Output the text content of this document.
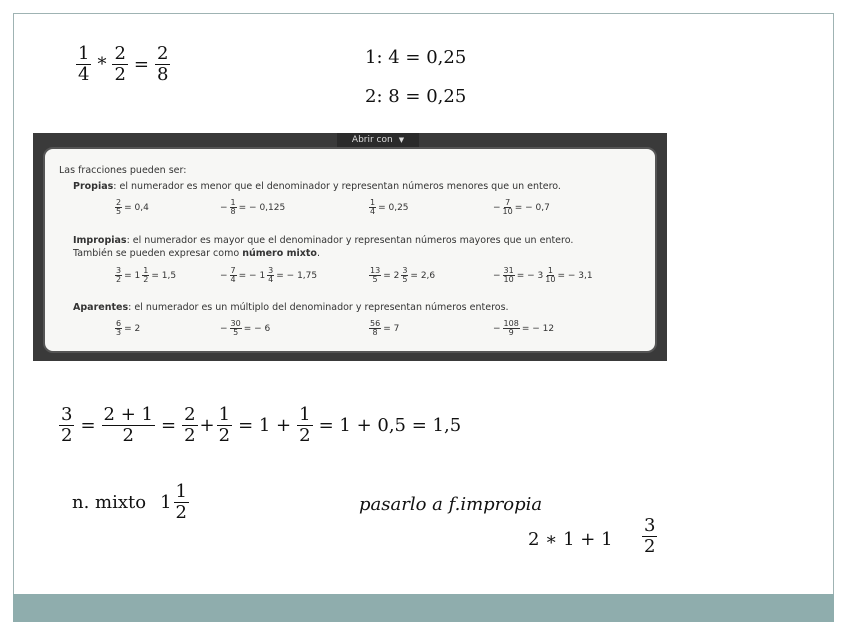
$\frac{1}{4} * \frac{2}{2} = \frac{2}{8}$	1: 4 = 0,25
2: 8 = 0,25
Abrir con ▼
Las fracciones pueden ser:
Propias: el numerador es menor que el denominador y representan números menores que un entero.
$\frac{2}{5} = 0,4$	− $\frac{1}{8}$ = − 0,125	$\frac{1}{4} = 0,25$	− $\frac{7}{10}$ = − 0,7
Impropias: el numerador es mayor que el denominador y representan números mayores que un entero.
También se pueden expresar como número mixto.
$\frac{3}{2} = 1 \frac{1}{2} = 1,5$	− $\frac{7}{4}$ = − $1 \frac{3}{4}$ = − 1,75	$\frac{13}{5} = 2 \frac{3}{5} = 2,6$	− $\frac{31}{10}$ = − $3 \frac{1}{10}$ = − 3,1
Aparentes: el numerador es un múltiplo del denominador y representan números enteros.
$\frac{6}{3} = 2$	− $\frac{30}{5}$ = − 6	$\frac{56}{8} = 7$	− $\frac{108}{9}$ = − 12
$\frac{3}{2} = \frac{2 + 1}{2} = \frac{2}{2} + \frac{1}{2} = 1 + \frac{1}{2} = 1 + 0,5 = 1,5$
n. mixto $1 \frac{1}{2}$	pasarlo a f.impropia
2 ∗ $1 + 1 \frac{3}{2}$
